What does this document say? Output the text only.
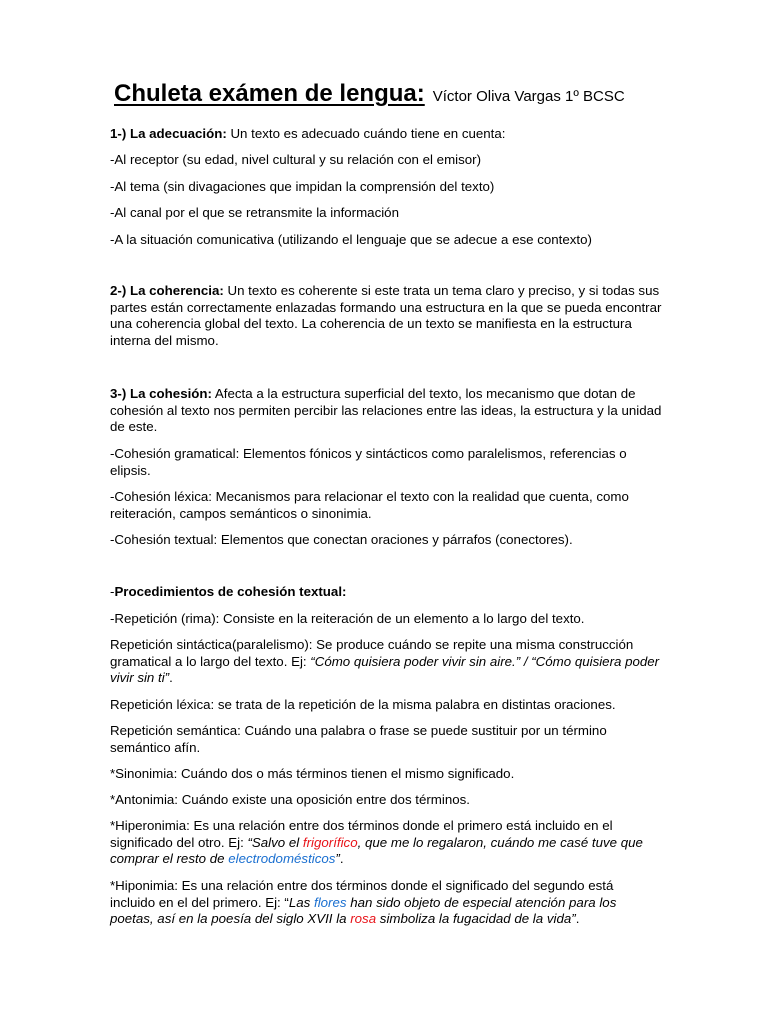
Chuleta exámen de lengua: Víctor Oliva Vargas 1º BCSC

1-) La adecuación: Un texto es adecuado cuándo tiene en cuenta:

-Al receptor (su edad, nivel cultural y su relación con el emisor)

-Al tema (sin divagaciones que impidan la comprensión del texto)

-Al canal por el que se retransmite la información

-A la situación comunicativa (utilizando el lenguaje que se adecue a ese contexto)

2-) La coherencia: Un texto es coherente si este trata un tema claro y preciso, y si todas sus partes están correctamente enlazadas formando una estructura en la que se pueda encontrar una coherencia global del texto. La coherencia de un texto se manifiesta en la estructura interna del mismo.

3-) La cohesión: Afecta a la estructura superficial del texto, los mecanismo que dotan de cohesión al texto nos permiten percibir las relaciones entre las ideas, la estructura y la unidad de este.

-Cohesión gramatical: Elementos fónicos y sintácticos como paralelismos, referencias o elipsis.

-Cohesión léxica: Mecanismos para relacionar el texto con la realidad que cuenta, como reiteración, campos semánticos o sinonimia.

-Cohesión textual: Elementos que conectan oraciones y párrafos (conectores).

-Procedimientos de cohesión textual:

-Repetición (rima): Consiste en la reiteración de un elemento a lo largo del texto.

Repetición sintáctica(paralelismo): Se produce cuándo se repite una misma construcción gramatical a lo largo del texto. Ej: “Cómo quisiera poder vivir sin aire.” / “Cómo quisiera poder vivir sin ti”.

Repetición léxica: se trata de la repetición de la misma palabra en distintas oraciones.

Repetición semántica: Cuándo una palabra o frase se puede sustituir por un término semántico afín.

*Sinonimia: Cuándo dos o más términos tienen el mismo significado.

*Antonimia: Cuándo existe una oposición entre dos términos.

*Hiperonimia: Es una relación entre dos términos donde el primero está incluido en el significado del otro. Ej: “Salvo el frigorífico, que me lo regalaron, cuándo me casé tuve que comprar el resto de electrodomésticos”.

*Hiponimia: Es una relación entre dos términos donde el significado del segundo está incluido en el del primero. Ej: “Las flores han sido objeto de especial atención para los poetas, así en la poesía del siglo XVII la rosa simboliza la fugacidad de la vida”.
